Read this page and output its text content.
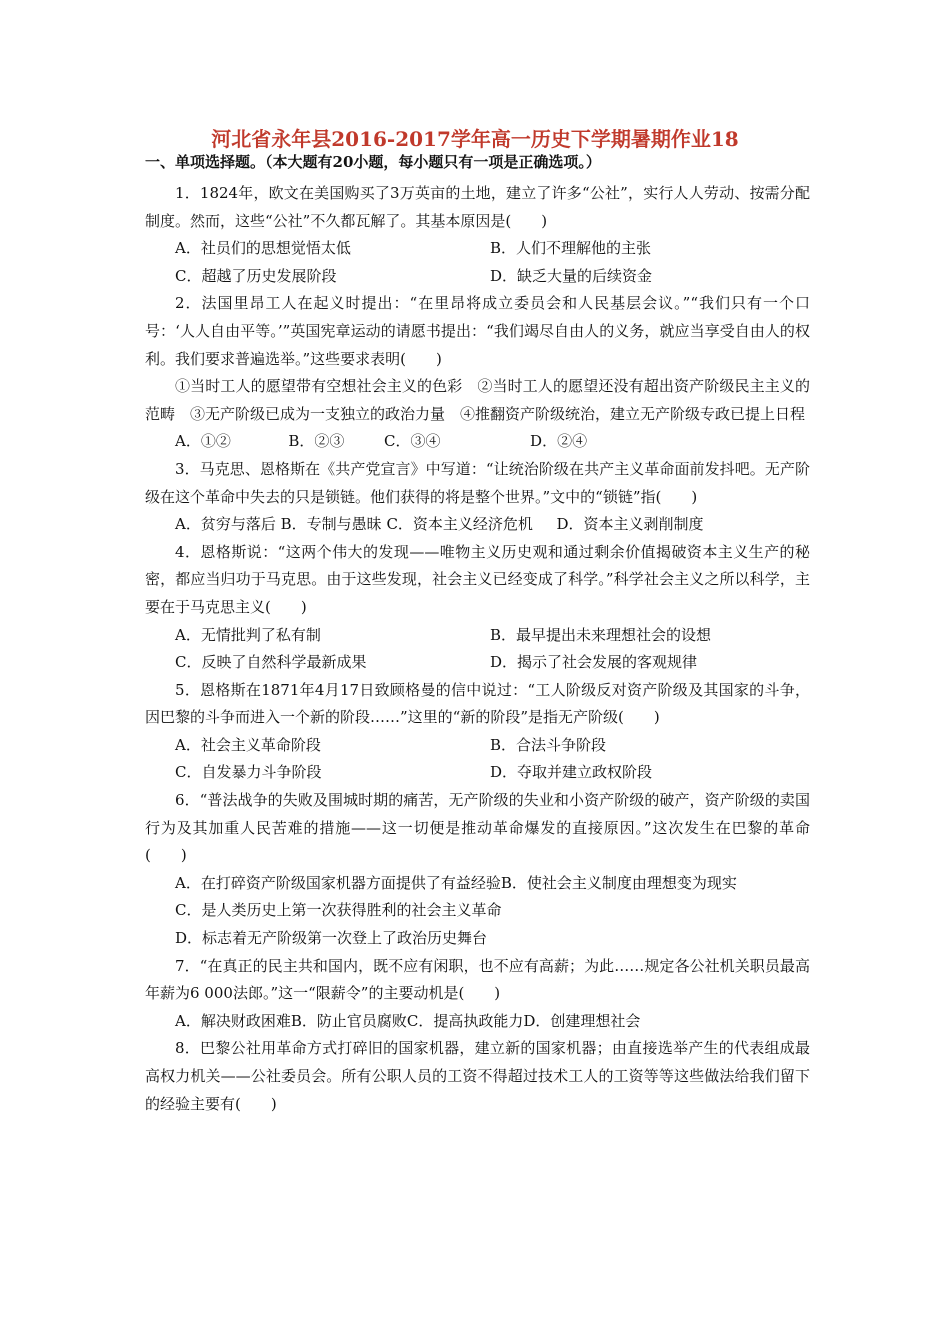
河北省永年县2016-2017学年高一历史下学期暑期作业18
一、单项选择题。（本大题有20小题，每小题只有一项是正确选项。）

1．1824年，欧文在美国购买了3万英亩的土地，建立了许多“公社”，实行人人劳动、按需分配制度。然而，这些“公社”不久都瓦解了。其基本原因是(　　)

A．社员们的思想觉悟太低	B．人们不理解他的主张
C．超越了历史发展阶段	D．缺乏大量的后续资金

2．法国里昂工人在起义时提出：“在里昂将成立委员会和人民基层会议。”“我们只有一个口号：‘人人自由平等。’”英国宪章运动的请愿书提出：“我们竭尽自由人的义务，就应当享受自由人的权利。我们要求普遍选举。”这些要求表明(　　)

①当时工人的愿望带有空想社会主义的色彩　②当时工人的愿望还没有超出资产阶级民主主义的范畴　③无产阶级已成为一支独立的政治力量　④推翻资产阶级统治，建立无产阶级专政已提上日程

A．①②	B．②③	C．③④	D．②④

3．马克思、恩格斯在《共产党宣言》中写道：“让统治阶级在共产主义革命面前发抖吧。无产阶级在这个革命中失去的只是锁链。他们获得的将是整个世界。”文中的“锁链”指(　　)

A．贫穷与落后 B．专制与愚昧 C．资本主义经济危机 D．资本主义剥削制度

4．恩格斯说：“这两个伟大的发现——唯物主义历史观和通过剩余价值揭破资本主义生产的秘密，都应当归功于马克思。由于这些发现，社会主义已经变成了科学。”科学社会主义之所以科学，主要在于马克思主义(　　)

A．无情批判了私有制	B．最早提出未来理想社会的设想
C．反映了自然科学最新成果	D．揭示了社会发展的客观规律

5．恩格斯在1871年4月17日致顾格曼的信中说过：“工人阶级反对资产阶级及其国家的斗争，因巴黎的斗争而进入一个新的阶段……”这里的“新的阶段”是指无产阶级(　　)

A．社会主义革命阶段	B．合法斗争阶段
C．自发暴力斗争阶段	D．夺取并建立政权阶段

6．“普法战争的失败及围城时期的痛苦，无产阶级的失业和小资产阶级的破产，资产阶级的卖国行为及其加重人民苦难的措施——这一切便是推动革命爆发的直接原因。”这次发生在巴黎的革命(　　)

A．在打碎资产阶级国家机器方面提供了有益经验B．使社会主义制度由理想变为现实
C．是人类历史上第一次获得胜利的社会主义革命
D．标志着无产阶级第一次登上了政治历史舞台

7．“在真正的民主共和国内，既不应有闲职，也不应有高薪；为此……规定各公社机关职员最高年薪为6 000法郎。”这一“限薪令”的主要动机是(　　)

A．解决财政困难B．防止官员腐败C．提高执政能力D．创建理想社会

8．巴黎公社用革命方式打碎旧的国家机器，建立新的国家机器；由直接选举产生的代表组成最高权力机关——公社委员会。所有公职人员的工资不得超过技术工人的工资等等这些做法给我们留下的经验主要有(　　)
